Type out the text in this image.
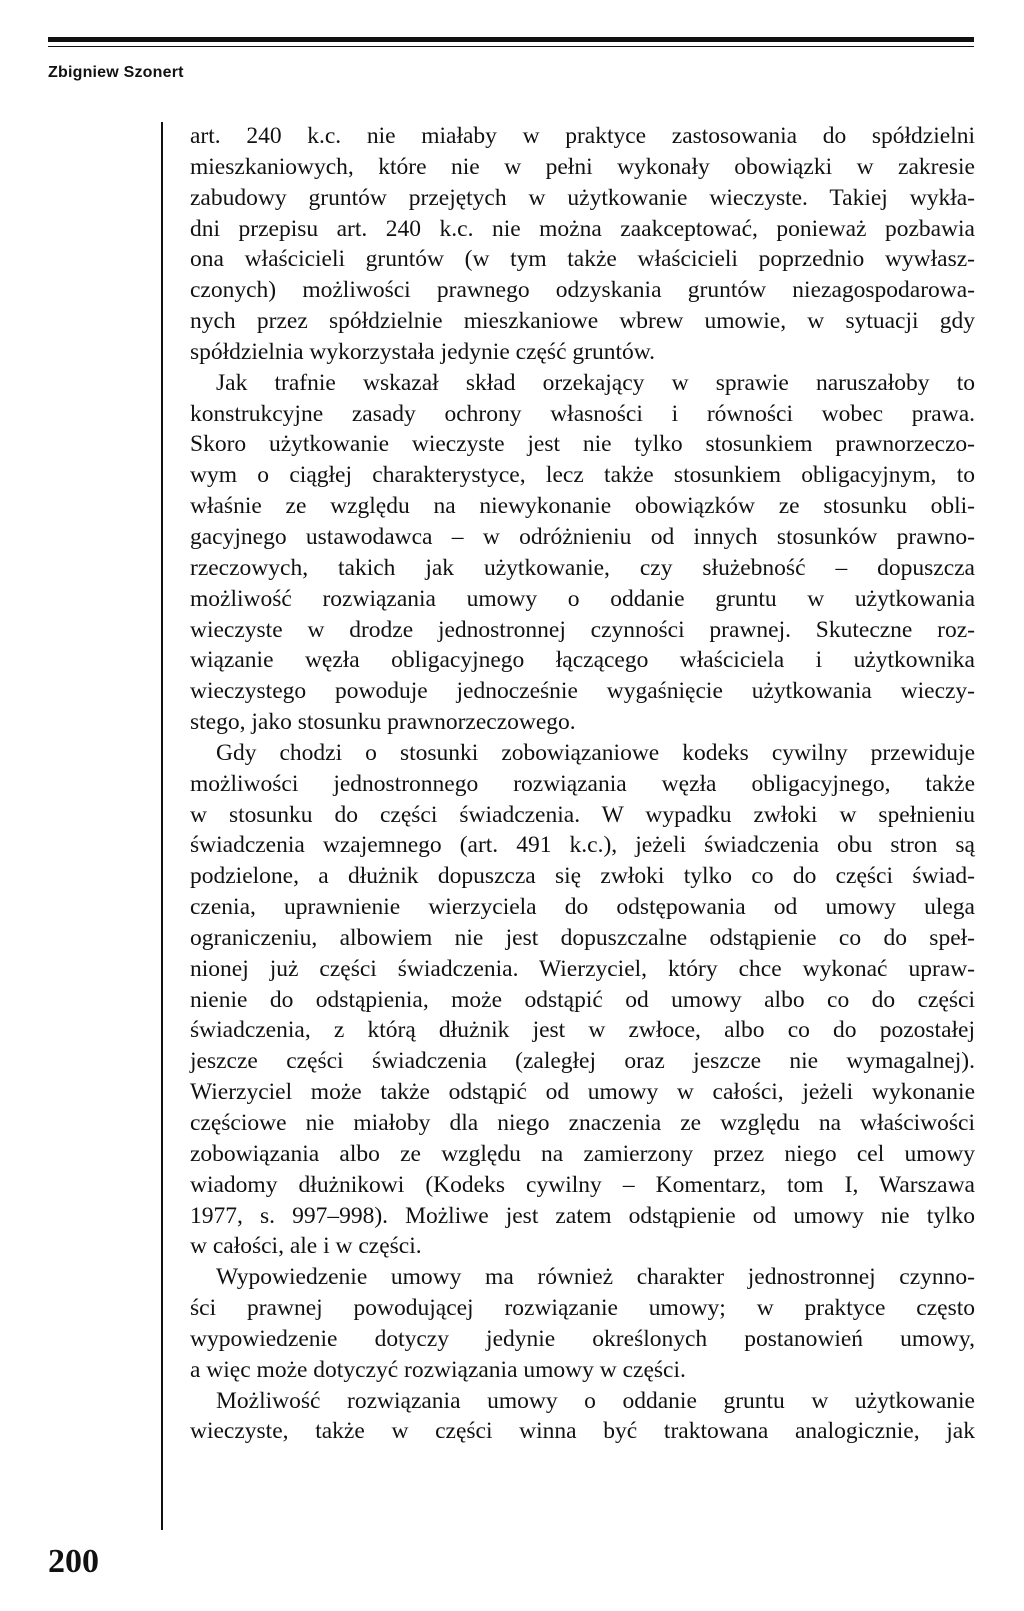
Zbigniew Szonert
art. 240 k.c. nie miałaby w praktyce zastosowania do spółdzielni
mieszkaniowych, które nie w pełni wykonały obowiązki w zakresie
zabudowy gruntów przejętych w użytkowanie wieczyste. Takiej wykła-
dni przepisu art. 240 k.c. nie można zaakceptować, ponieważ pozbawia
ona właścicieli gruntów (w tym także właścicieli poprzednio wywłasz-
czonych) możliwości prawnego odzyskania gruntów niezagospodarowa-
nych przez spółdzielnie mieszkaniowe wbrew umowie, w sytuacji gdy
spółdzielnia wykorzystała jedynie część gruntów.
Jak trafnie wskazał skład orzekający w sprawie naruszałoby to
konstrukcyjne zasady ochrony własności i równości wobec prawa.
Skoro użytkowanie wieczyste jest nie tylko stosunkiem prawnorzeczo-
wym o ciągłej charakterystyce, lecz także stosunkiem obligacyjnym, to
właśnie ze względu na niewykonanie obowiązków ze stosunku obli-
gacyjnego ustawodawca – w odróżnieniu od innych stosunków prawno-
rzeczowych, takich jak użytkowanie, czy służebność – dopuszcza
możliwość rozwiązania umowy o oddanie gruntu w użytkowania
wieczyste w drodze jednostronnej czynności prawnej. Skuteczne roz-
wiązanie węzła obligacyjnego łączącego właściciela i użytkownika
wieczystego powoduje jednocześnie wygaśnięcie użytkowania wieczy-
stego, jako stosunku prawnorzeczowego.
Gdy chodzi o stosunki zobowiązaniowe kodeks cywilny przewiduje
możliwości jednostronnego rozwiązania węzła obligacyjnego, także
w stosunku do części świadczenia. W wypadku zwłoki w spełnieniu
świadczenia wzajemnego (art. 491 k.c.), jeżeli świadczenia obu stron są
podzielone, a dłużnik dopuszcza się zwłoki tylko co do części świad-
czenia, uprawnienie wierzyciela do odstępowania od umowy ulega
ograniczeniu, albowiem nie jest dopuszczalne odstąpienie co do speł-
nionej już części świadczenia. Wierzyciel, który chce wykonać upraw-
nienie do odstąpienia, może odstąpić od umowy albo co do części
świadczenia, z którą dłużnik jest w zwłoce, albo co do pozostałej
jeszcze części świadczenia (zaległej oraz jeszcze nie wymagalnej).
Wierzyciel może także odstąpić od umowy w całości, jeżeli wykonanie
częściowe nie miałoby dla niego znaczenia ze względu na właściwości
zobowiązania albo ze względu na zamierzony przez niego cel umowy
wiadomy dłużnikowi (Kodeks cywilny – Komentarz, tom I, Warszawa
1977, s. 997–998). Możliwe jest zatem odstąpienie od umowy nie tylko
w całości, ale i w części.
Wypowiedzenie umowy ma również charakter jednostronnej czynno-
ści prawnej powodującej rozwiązanie umowy; w praktyce często
wypowiedzenie dotyczy jedynie określonych postanowień umowy,
a więc może dotyczyć rozwiązania umowy w części.
Możliwość rozwiązania umowy o oddanie gruntu w użytkowanie
wieczyste, także w części winna być traktowana analogicznie, jak
200
